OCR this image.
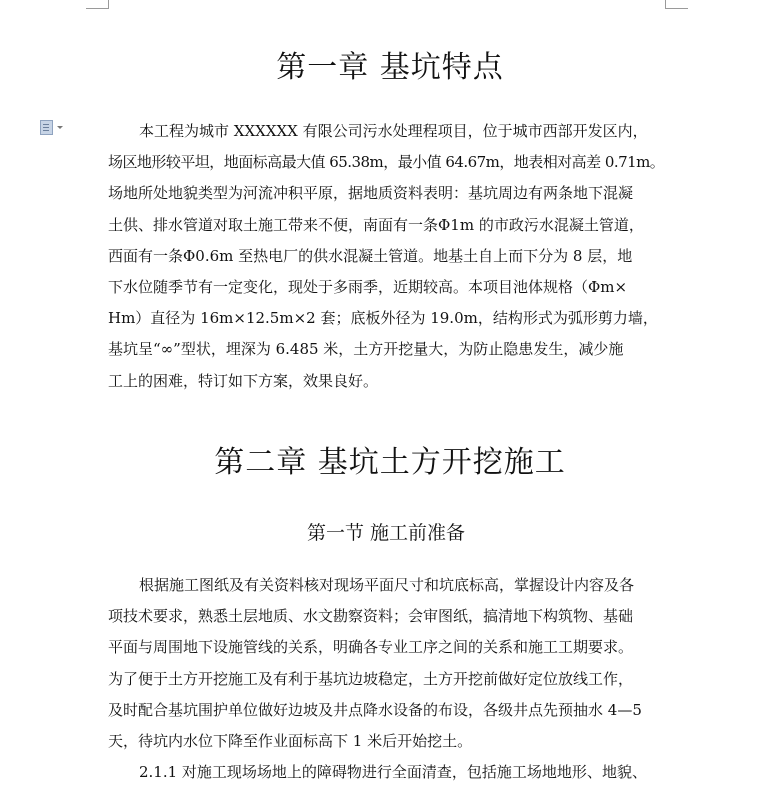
第一章 基坑特点
本工程为城市 XXXXXX 有限公司污水处理程项目，位于城市西部开发区内，
场区地形较平坦，地面标高最大值 65.38m，最小值 64.67m，地表相对高差 0.71m。
场地所处地貌类型为河流冲积平原，据地质资料表明：基坑周边有两条地下混凝
土供、排水管道对取土施工带来不便，南面有一条Φ1m 的市政污水混凝土管道，
西面有一条Φ0.6m 至热电厂的供水混凝土管道。地基土自上而下分为 8 层，地
下水位随季节有一定变化，现处于多雨季，近期较高。本项目池体规格（Φm×
Hm）直径为 16m×12.5m×2 套；底板外径为 19.0m，结构形式为弧形剪力墙，
基坑呈“∞”型状，埋深为 6.485 米，土方开挖量大，为防止隐患发生，减少施
工上的困难，特订如下方案，效果良好。
第二章 基坑土方开挖施工
第一节 施工前准备
根据施工图纸及有关资料核对现场平面尺寸和坑底标高，掌握设计内容及各
项技术要求，熟悉土层地质、水文勘察资料；会审图纸，搞清地下构筑物、基础
平面与周围地下设施管线的关系，明确各专业工序之间的关系和施工工期要求。
为了便于土方开挖施工及有利于基坑边坡稳定，土方开挖前做好定位放线工作，
及时配合基坑围护单位做好边坡及井点降水设备的布设，各级井点先预抽水 4—5
天，待坑内水位下降至作业面标高下 1 米后开始挖土。
2.1.1 对施工现场场地上的障碍物进行全面清查，包括施工场地地形、地貌、
